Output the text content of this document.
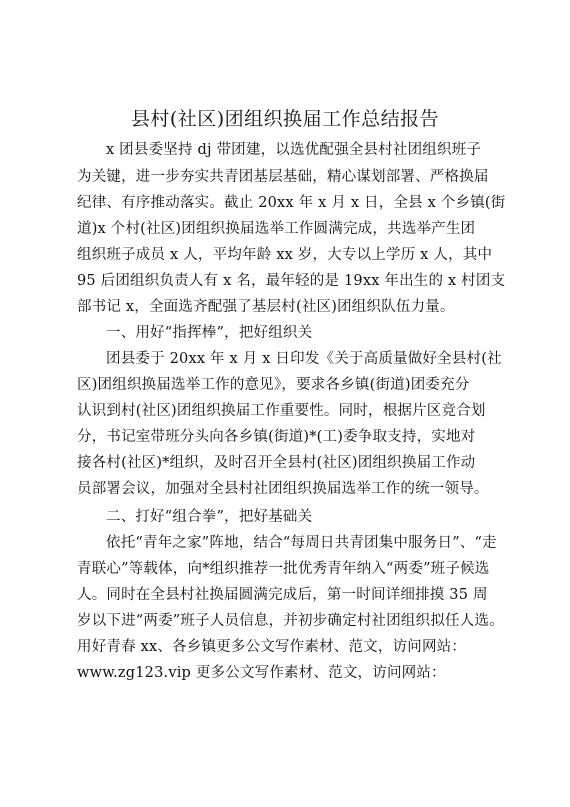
县村(社区)团组织换届工作总结报告
x 团县委坚持 dj 带团建，以选优配强全县村社团组织班子
为关键，进一步夯实共青团基层基础，精心谋划部署、严格换届
纪律、有序推动落实。截止 20xx 年 x 月 x 日，全县 x 个乡镇(街
道)x 个村(社区)团组织换届选举工作圆满完成，共选举产生团
组织班子成员 x 人，平均年龄 xx 岁，大专以上学历 x 人，其中
95 后团组织负责人有 x 名，最年轻的是 19xx 年出生的 x 村团支
部书记 x，全面选齐配强了基层村(社区)团组织队伍力量。
一、用好“指挥棒”，把好组织关
团县委于 20xx 年 x 月 x 日印发《关于高质量做好全县村(社
区)团组织换届选举工作的意见》，要求各乡镇(街道)团委充分
认识到村(社区)团组织换届工作重要性。同时，根据片区竞合划
分，书记室带班分头向各乡镇(街道)*(工)委争取支持，实地对
接各村(社区)*组织，及时召开全县村(社区)团组织换届工作动
员部署会议，加强对全县村社团组织换届选举工作的统一领导。
二、打好“组合拳”，把好基础关
依托“青年之家”阵地，结合“每周日共青团集中服务日”、“走
青联心”等载体，向*组织推荐一批优秀青年纳入“两委”班子候选
人。同时在全县村社换届圆满完成后，第一时间详细排摸 35 周
岁以下进“两委”班子人员信息，并初步确定村社团组织拟任人选。
用好青春 xx、各乡镇更多公文写作素材、范文，访问网站：
www.zg123.vip 更多公文写作素材、范文，访问网站：
